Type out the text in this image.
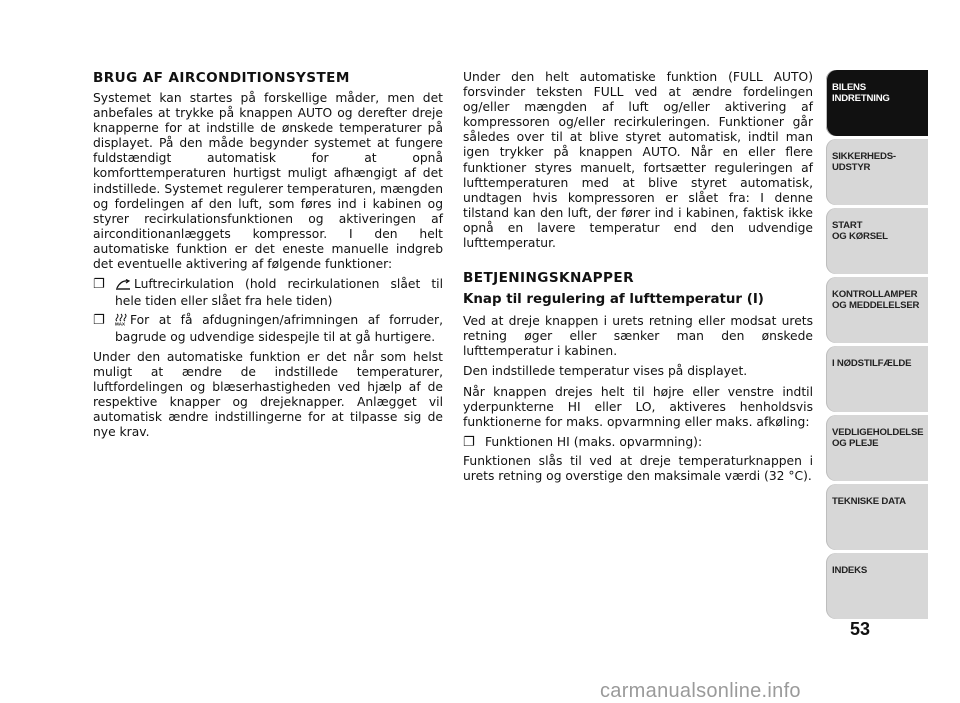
BRUG AF AIRCONDITIONSYSTEM

Systemet kan startes på forskellige måder, men det anbefales at trykke på knappen AUTO og derefter dreje knapperne for at indstille de ønskede temperaturer på displayet. På den måde begynder systemet at fungere fuldstændigt automatisk for at opnå komforttemperaturen hurtigst muligt afhængigt af det indstillede. Systemet regulerer temperaturen, mængden og fordelingen af den luft, som føres ind i kabinen og styrer recirkulationsfunktionen og aktiveringen af airconditionanlæggets kompressor. I den helt automatiske funktion er det eneste manuelle indgreb det eventuelle aktivering af følgende funktioner:

❐	Luftrecirkulation (hold recirkulationen slået til hele tiden eller slået fra hele tiden)
❐	MAX For at få afdugningen/afrimningen af forruder, bagrude og udvendige sidespejle til at gå hurtigere.

Under den automatiske funktion er det når som helst muligt at ændre de indstillede temperaturer, luftfordelingen og blæserhastigheden ved hjælp af de respektive knapper og drejeknapper. Anlægget vil automatisk ændre indstillingerne for at tilpasse sig de nye krav.

Under den helt automatiske funktion (FULL AUTO) forsvinder teksten FULL ved at ændre fordelingen og/eller mængden af luft og/eller aktivering af kompressoren og/eller recirkuleringen. Funktioner går således over til at blive styret automatisk, indtil man igen trykker på knappen AUTO. Når en eller flere funktioner styres manuelt, fortsætter reguleringen af lufttemperaturen med at blive styret automatisk, undtagen hvis kompressoren er slået fra: I denne tilstand kan den luft, der fører ind i kabinen, faktisk ikke opnå en lavere temperatur end den udvendige lufttemperatur.

BETJENINGSKNAPPER
Knap til regulering af lufttemperatur (I)

Ved at dreje knappen i urets retning eller modsat urets retning øger eller sænker man den ønskede lufttemperatur i kabinen.

Den indstillede temperatur vises på displayet.

Når knappen drejes helt til højre eller venstre indtil yderpunkterne HI eller LO, aktiveres henholdsvis funktionerne for maks. opvarmning eller maks. afkøling:

❐ Funktionen HI (maks. opvarmning):

Funktionen slås til ved at dreje temperaturknappen i urets retning og overstige den maksimale værdi (32 °C).

BILENS
INDRETNING
SIKKERHEDS-
UDSTYR
START
OG KØRSEL
KONTROLLAMPER
OG MEDDELELSER
I NØDSTILFÆLDE
VEDLIGEHOLDELSE
OG PLEJE
TEKNISKE DATA
INDEKS
53
carmanualsonline.info
